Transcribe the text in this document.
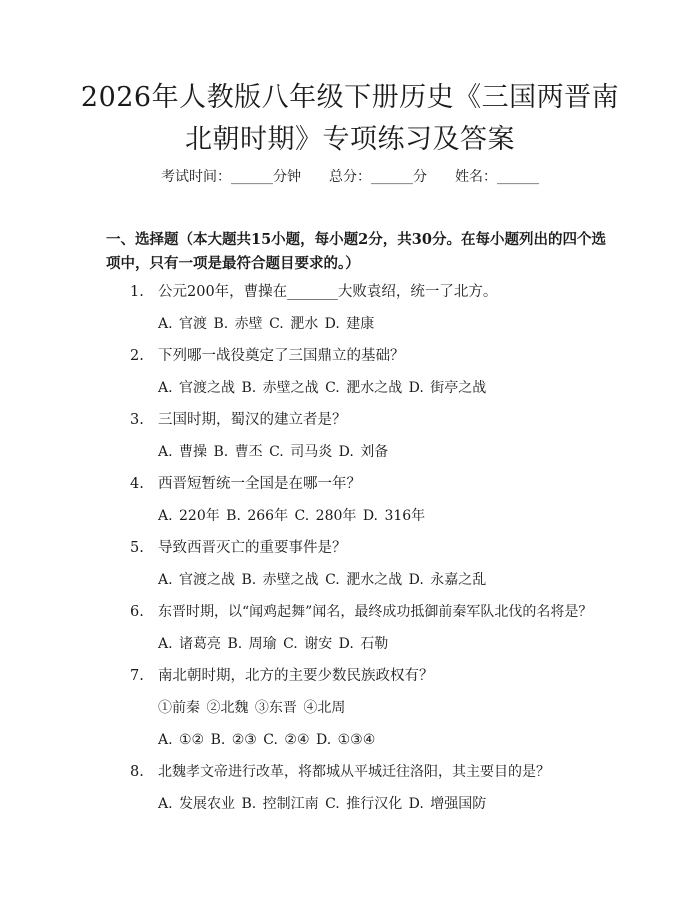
2026年人教版八年级下册历史《三国两晋南
北朝时期》专项练习及答案
考试时间：______分钟　　总分：______分　　姓名：______
一、选择题（本大题共15小题，每小题2分，共30分。在每小题列出的四个选
项中，只有一项是最符合题目要求的。）
1. 公元200年，曹操在_______大败袁绍，统一了北方。
A. 官渡 B. 赤壁 C. 淝水 D. 建康
2. 下列哪一战役奠定了三国鼎立的基础？
A. 官渡之战 B. 赤壁之战 C. 淝水之战 D. 街亭之战
3. 三国时期，蜀汉的建立者是？
A. 曹操 B. 曹丕 C. 司马炎 D. 刘备
4. 西晋短暂统一全国是在哪一年？
A. 220年 B. 266年 C. 280年 D. 316年
5. 导致西晋灭亡的重要事件是？
A. 官渡之战 B. 赤壁之战 C. 淝水之战 D. 永嘉之乱
6.	东晋时期，以“闻鸡起舞”闻名，最终成功抵御前秦军队北伐的名将是？
A. 诸葛亮 B. 周瑜 C. 谢安 D. 石勒
7. 南北朝时期，北方的主要少数民族政权有？
①前秦 ②北魏 ③东晋 ④北周
A. ①② B. ②③ C. ②④ D. ①③④
8.	北魏孝文帝进行改革，将都城从平城迁往洛阳，其主要目的是？
A. 发展农业 B. 控制江南 C. 推行汉化 D. 增强国防
